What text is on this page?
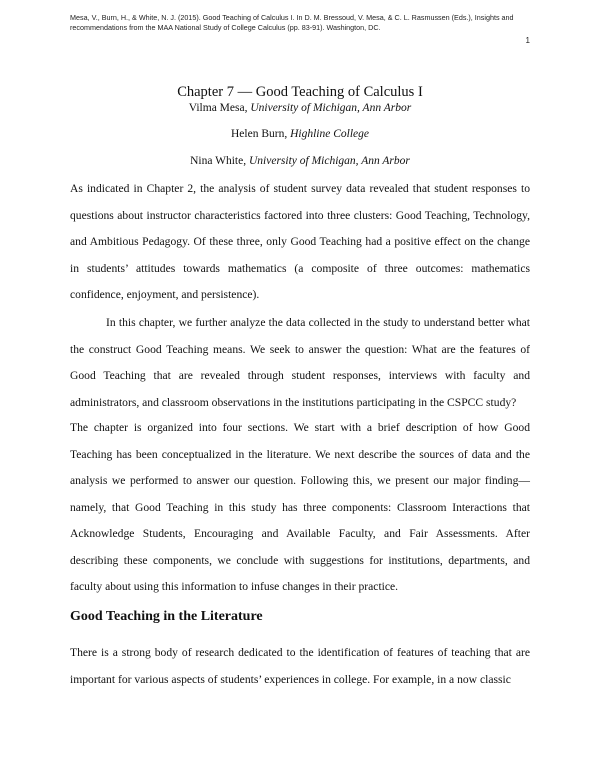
Mesa, V., Burn, H., & White, N. J. (2015). Good Teaching of Calculus I. In D. M. Bressoud, V. Mesa, & C. L. Rasmussen (Eds.), Insights and recommendations from the MAA National Study of College Calculus (pp. 83-91). Washington, DC.
1
Chapter 7 — Good Teaching of Calculus I

Vilma Mesa, University of Michigan, Ann Arbor

Helen Burn, Highline College

Nina White, University of Michigan, Ann Arbor

As indicated in Chapter 2, the analysis of student survey data revealed that student responses to questions about instructor characteristics factored into three clusters: Good Teaching, Technology, and Ambitious Pedagogy. Of these three, only Good Teaching had a positive effect on the change in students’ attitudes towards mathematics (a composite of three outcomes: mathematics confidence, enjoyment, and persistence).

In this chapter, we further analyze the data collected in the study to understand better what the construct Good Teaching means. We seek to answer the question: What are the features of Good Teaching that are revealed through student responses, interviews with faculty and administrators, and classroom observations in the institutions participating in the CSPCC study?

The chapter is organized into four sections. We start with a brief description of how Good Teaching has been conceptualized in the literature. We next describe the sources of data and the analysis we performed to answer our question. Following this, we present our major finding—namely, that Good Teaching in this study has three components: Classroom Interactions that Acknowledge Students, Encouraging and Available Faculty, and Fair Assessments. After describing these components, we conclude with suggestions for institutions, departments, and faculty about using this information to infuse changes in their practice.

Good Teaching in the Literature

There is a strong body of research dedicated to the identification of features of teaching that are important for various aspects of students’ experiences in college. For example, in a now classic
